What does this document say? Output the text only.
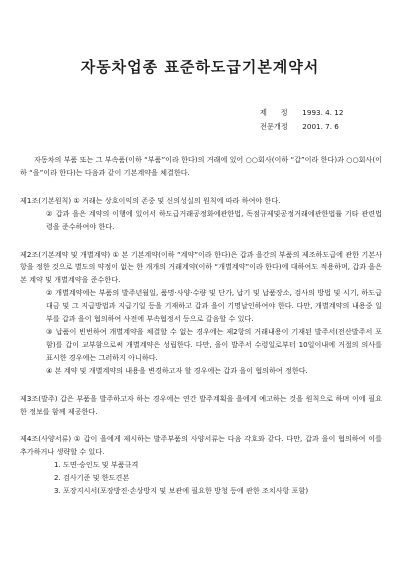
자동차업종 표준하도급기본계약서
제      정 1993. 4. 12
전문개정 2001. 7. 6

자동차의 부품 또는 그 부속품(이하 “부품”이라 한다)의 거래에 있어 ○○회사(이하 “갑”이라 한다)과 ○○회사(이하 “을”이라 한다)는 다음과 같이 기본계약을 체결한다.

제1조(기본원칙) ① 거래는 상호이익의 존중 및 신의성실의 원칙에 따라 하여야 한다.

② 갑과 을은 계약의 이행에 있어서 하도급거래공정화에관한법, 독점규제및공정거래에관한법률 기타 관련법령을 준수하여야 한다.

제2조(기본계약 및 개별계약) ① 본 기본계약(이하 “계약”이라 한다)은 갑과 을간의 부품의 제조하도급에 관한 기본사항을 정한 것으로 별도의 약정이 없는 한 개개의 거래계약(이하 “개별계약”이라 한다)에 대하여도 적용하며, 갑과 을은 본 계약 및 개별계약을 준수한다.

② 개별계약에는 부품의 발주년월일, 품명·사양·수량 및 단가, 납기 및 납품장소, 검사의 방법 및 시기, 하도급 대금 및 그 지급방법과 지급기일 등을 기재하고 갑과 을이 기명날인하여야 한다. 다만, 개별계약의 내용중 일부를 갑과 을이 협의하여 사전에 부속협정서 등으로 갈음할 수 있다.

③ 납품이 빈번하여 개별계약을 체결할 수 없는 경우에는 제2항의 거래내용이 기재된 발주서(전산발주서 포함)를 갑이 교부함으로써 개별계약은 성립한다. 다만, 을이 발주서 수령일로부터 10일이내에 거절의 의사를 표시한 경우에는 그러하지 아니하다.

④ 본 계약 및 개별계약의 내용을 변경하고자 할 경우에는 갑과 을이 협의하여 정한다.

제3조(발주) 갑은 부품을 발주하고자 하는 경우에는 연간 발주계획을 을에게 예고하는 것을 원칙으로 하며 이에 필요한 정보를 함께 제공한다.

제4조(사양서류) ① 갑이 을에게 제시하는 발주부품의 사양서류는 다음 각호와 같다. 다만, 갑과 을이 협의하여 이를 추가하거나 생략할 수 있다.

1. 도면·승인도 및 부품규격

2. 검사기준 및 한도견본

3. 포장지시서(포장방진·손상방지 및 보관에 필요한 방청 등에 관한 조치사항 포함)
